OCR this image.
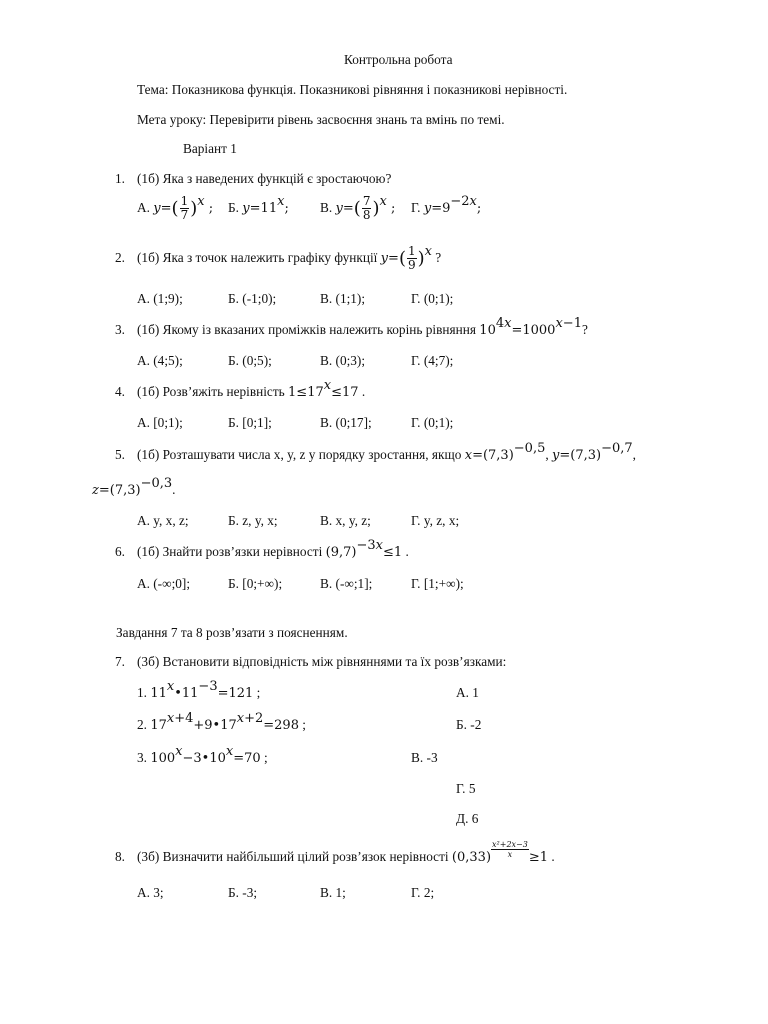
Контрольна робота
Тема: Показникова функція. Показникові рівняння і показникові нерівності.
Мета уроку: Перевірити рівень засвоєння знань та вмінь по темі.
Варіант 1
1. (1б) Яка з наведених функцій є зростаючою?
А. $y=( \frac{1}{7} )^x$ ; Б. $y=11^x$; В. $y=( \frac{7}{8} )^x$ ; Г. $y=9^{-2x}$;
2. (1б) Яка з точок належить графіку функції $y=( \frac{1}{9} )^x$ ?
А. (1;9);	Б. (-1;0);	В. (1;1);	Г. (0;1);
3. (1б) Якому із вказаних проміжків належить корінь рівняння $10^{4x}=1000^{x-1}$?
А. (4;5);	Б. (0;5);	В. (0;3);	Г. (4;7);
4. (1б) Розв’яжіть нерівність $1\le 17^x\le 17$ .
А. [0;1);	Б. [0;1];	В. (0;17];	Г. (0;1);
5. (1б) Розташувати числа x, y, z у порядку зростання, якщо $x=(7,3)^{-0,5}$, $y=(7,3)^{-0,7}$,
$z=(7,3)^{-0,3}$.
А. y, x, z;	Б. z, y, x;	В. x, y, z;	Г. y, z, x;
6. (1б) Знайти розв’язки нерівності $(9,7)^{-3x}\le 1$ .
А. (-∞;0];	Б. [0;+∞);	В. (-∞;1];	Г. [1;+∞);
Завдання 7 та 8 розв’язати з поясненням.
7. (3б) Встановити відповідність між рівняннями та їх розв’язками:
1. $11^x•11^{-3}=121$ ;	А. 1
2. $17^{x+4}+9•17^{x+2}=298$ ;	Б. -2
3. $100^x-3•10^x=70$ ;	В. -3
Г. 5
Д. 6
8. (3б) Визначити найбільший цілий розв’язок нерівності $(0,33) \frac{\text{x²+2x−3}}{x} \ge 1$ .
А. 3;	Б. -3;	В. 1;	Г. 2;
